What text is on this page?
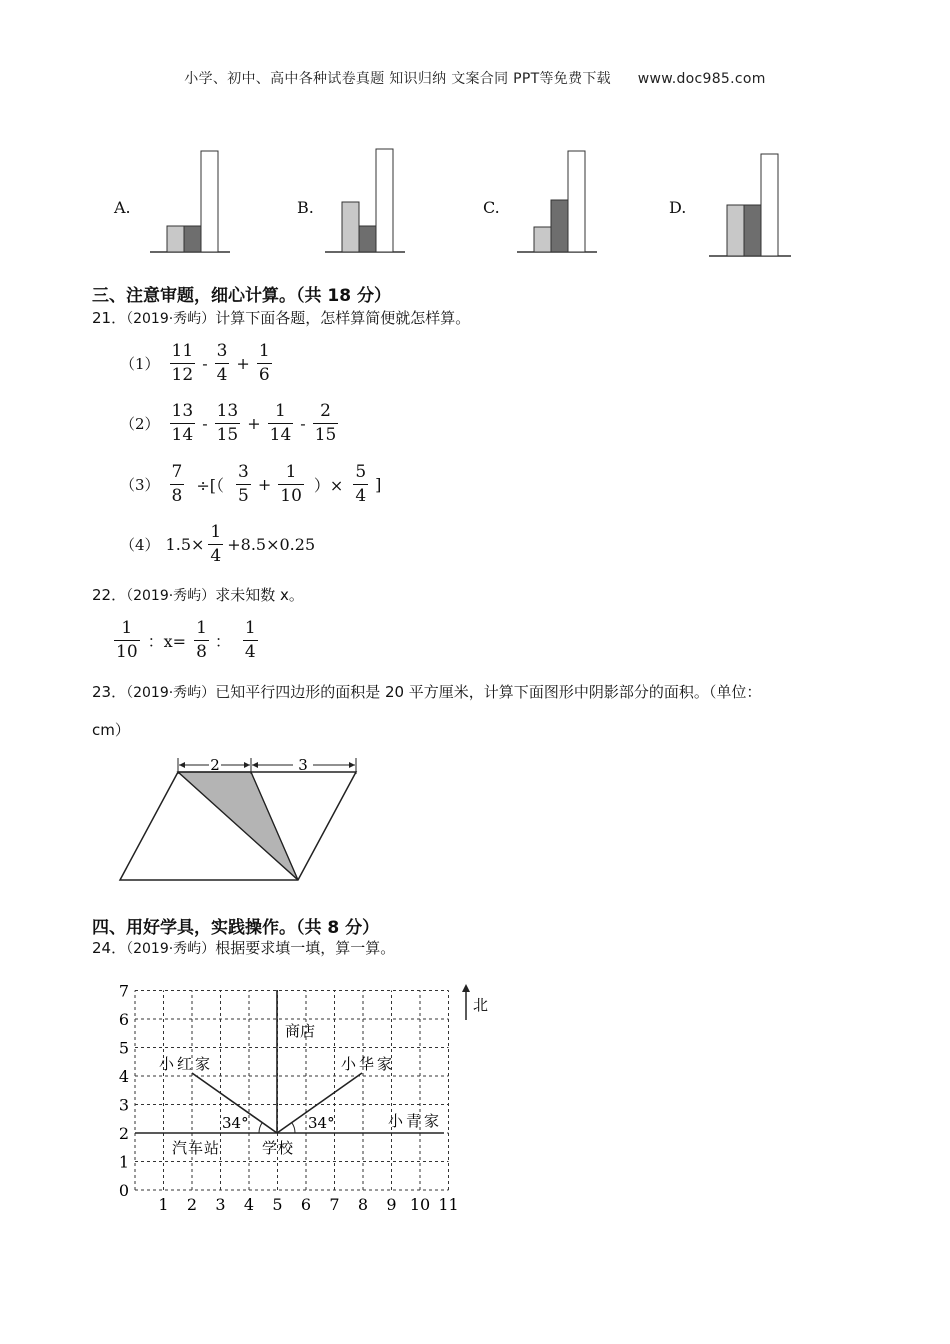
小学、初中、高中各种试卷真题 知识归纳 文案合同 PPT等免费下载 www.doc985.com
A.	B.	C.	D.
三、注意审题，细心计算。（共 18 分）
21．（2019·秀屿）计算下面各题，怎样算简便就怎样算。
$(1) \frac{11}{12} - \frac{3}{4} + \frac{1}{6}$
$(2) \frac{13}{14} - \frac{13}{15} + \frac{1}{14} - \frac{2}{15}$
$(3) \frac{7}{8}$ ÷[（ $\frac{3}{5} + \frac{1}{10}$ ）× $\frac{5}{4}$ ]
（4） $1.5\times \frac{1}{4} +8.5\times 0.25$
22．（2019·秀屿）求未知数 x。
$\frac{1}{10}$ ：$x= \frac{1}{8}$ ： $\frac{1}{4}$
23．（2019·秀屿）已知平行四边形的面积是 20 平方厘米，计算下面图形中阴影部分的面积。（单位：
cm）
2	3
四、用好学具，实践操作。（共 8 分）
24．（2019·秀屿）根据要求填一填，算一算。
1 2 3 4 5 6 7 8 9 10 11
0
1
2
3
4
5
6
7
北
商店
小红家	小华家
小青家
汽车站	学校
34°	34°
